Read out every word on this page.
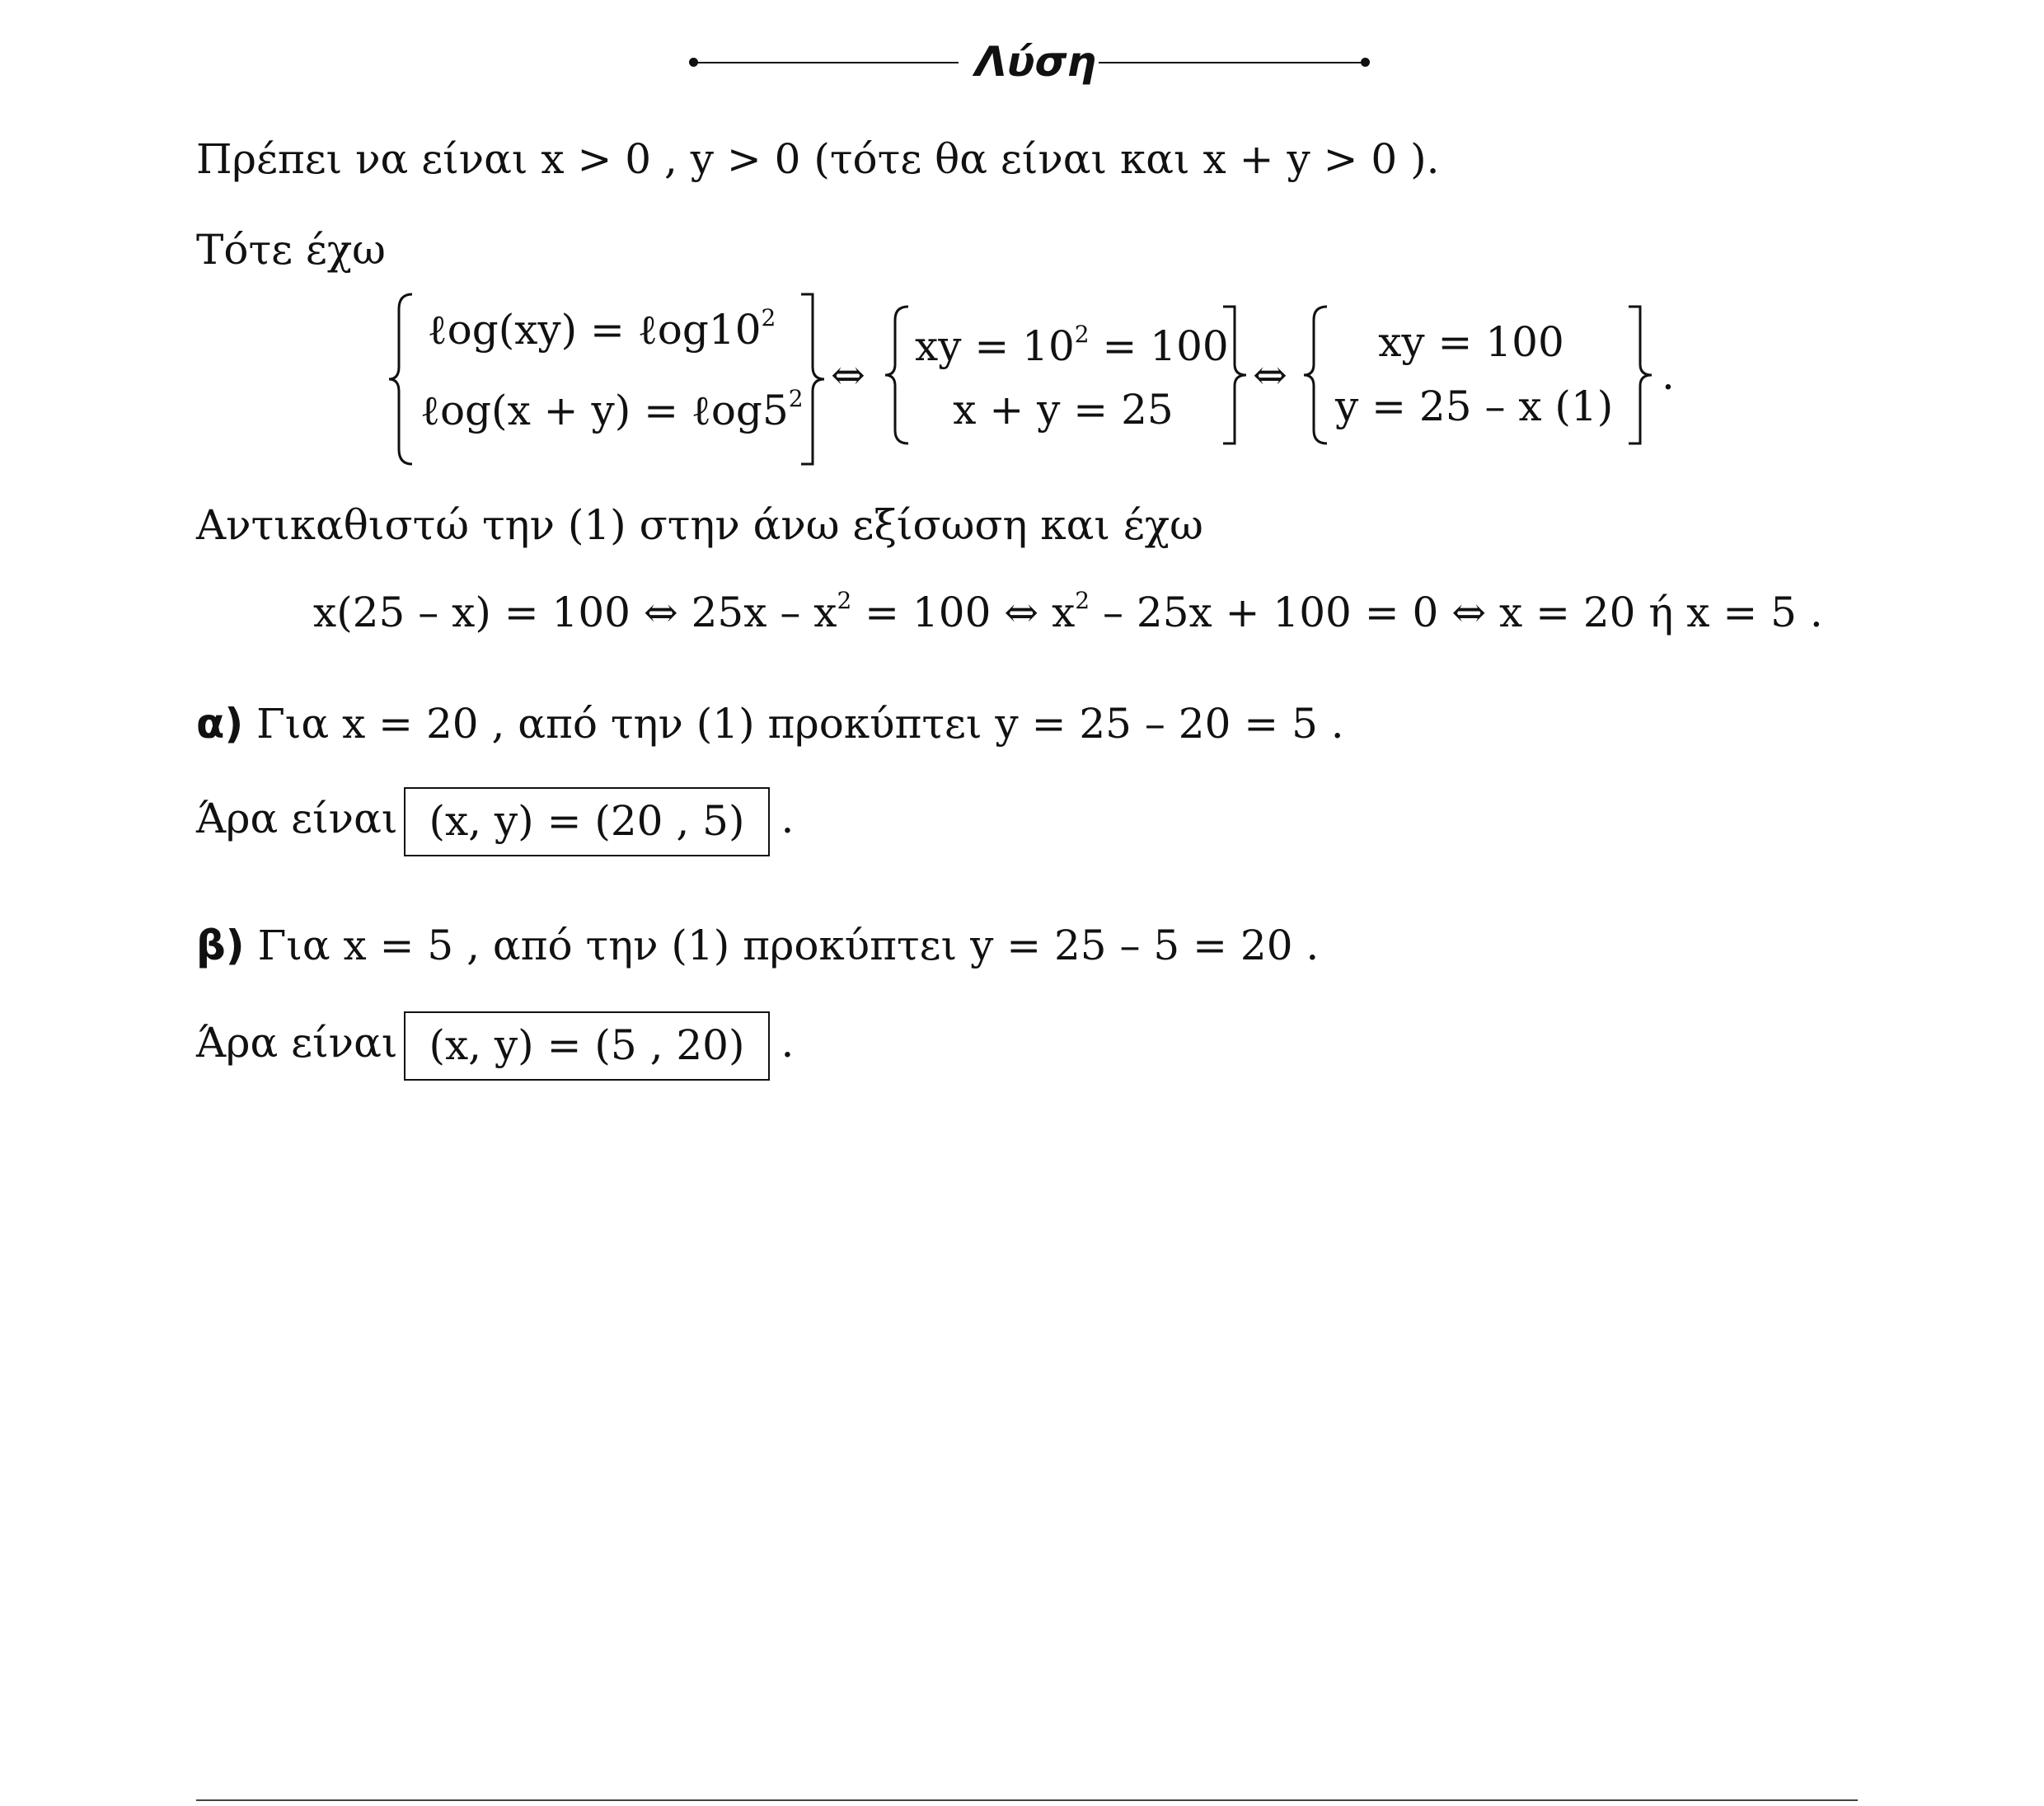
Λύση
Πρέπει να είναι x > 0 , y > 0 (τότε θα είναι και x + y > 0 ).
Τότε έχω
ℓog(xy) = $\ell og10^2$
ℓog(x + $y) = \ell og5^2$ ⇔
xy = $10^2 = 100$
x + y = 25
⇔
xy = 100
y = 25 – x (1)
.
Αντικαθιστώ την (1) στην άνω εξίσωση και έχω
x(25 – x) = 100 ⇔ $25x - x^2 = 100$ ⇔ $x^2 - 25x + 100 = 0$ ⇔ x = 20 ή x = 5 .
α) Για x = 20 , από την (1) προκύπτει y = 25 – 20 = 5 .
Άρα είναι (x, y) = (20 , 5) .
β) Για x = 5 , από την (1) προκύπτει y = 25 – 5 = 20 .
Άρα είναι (x, y) = (5 , 20) .
